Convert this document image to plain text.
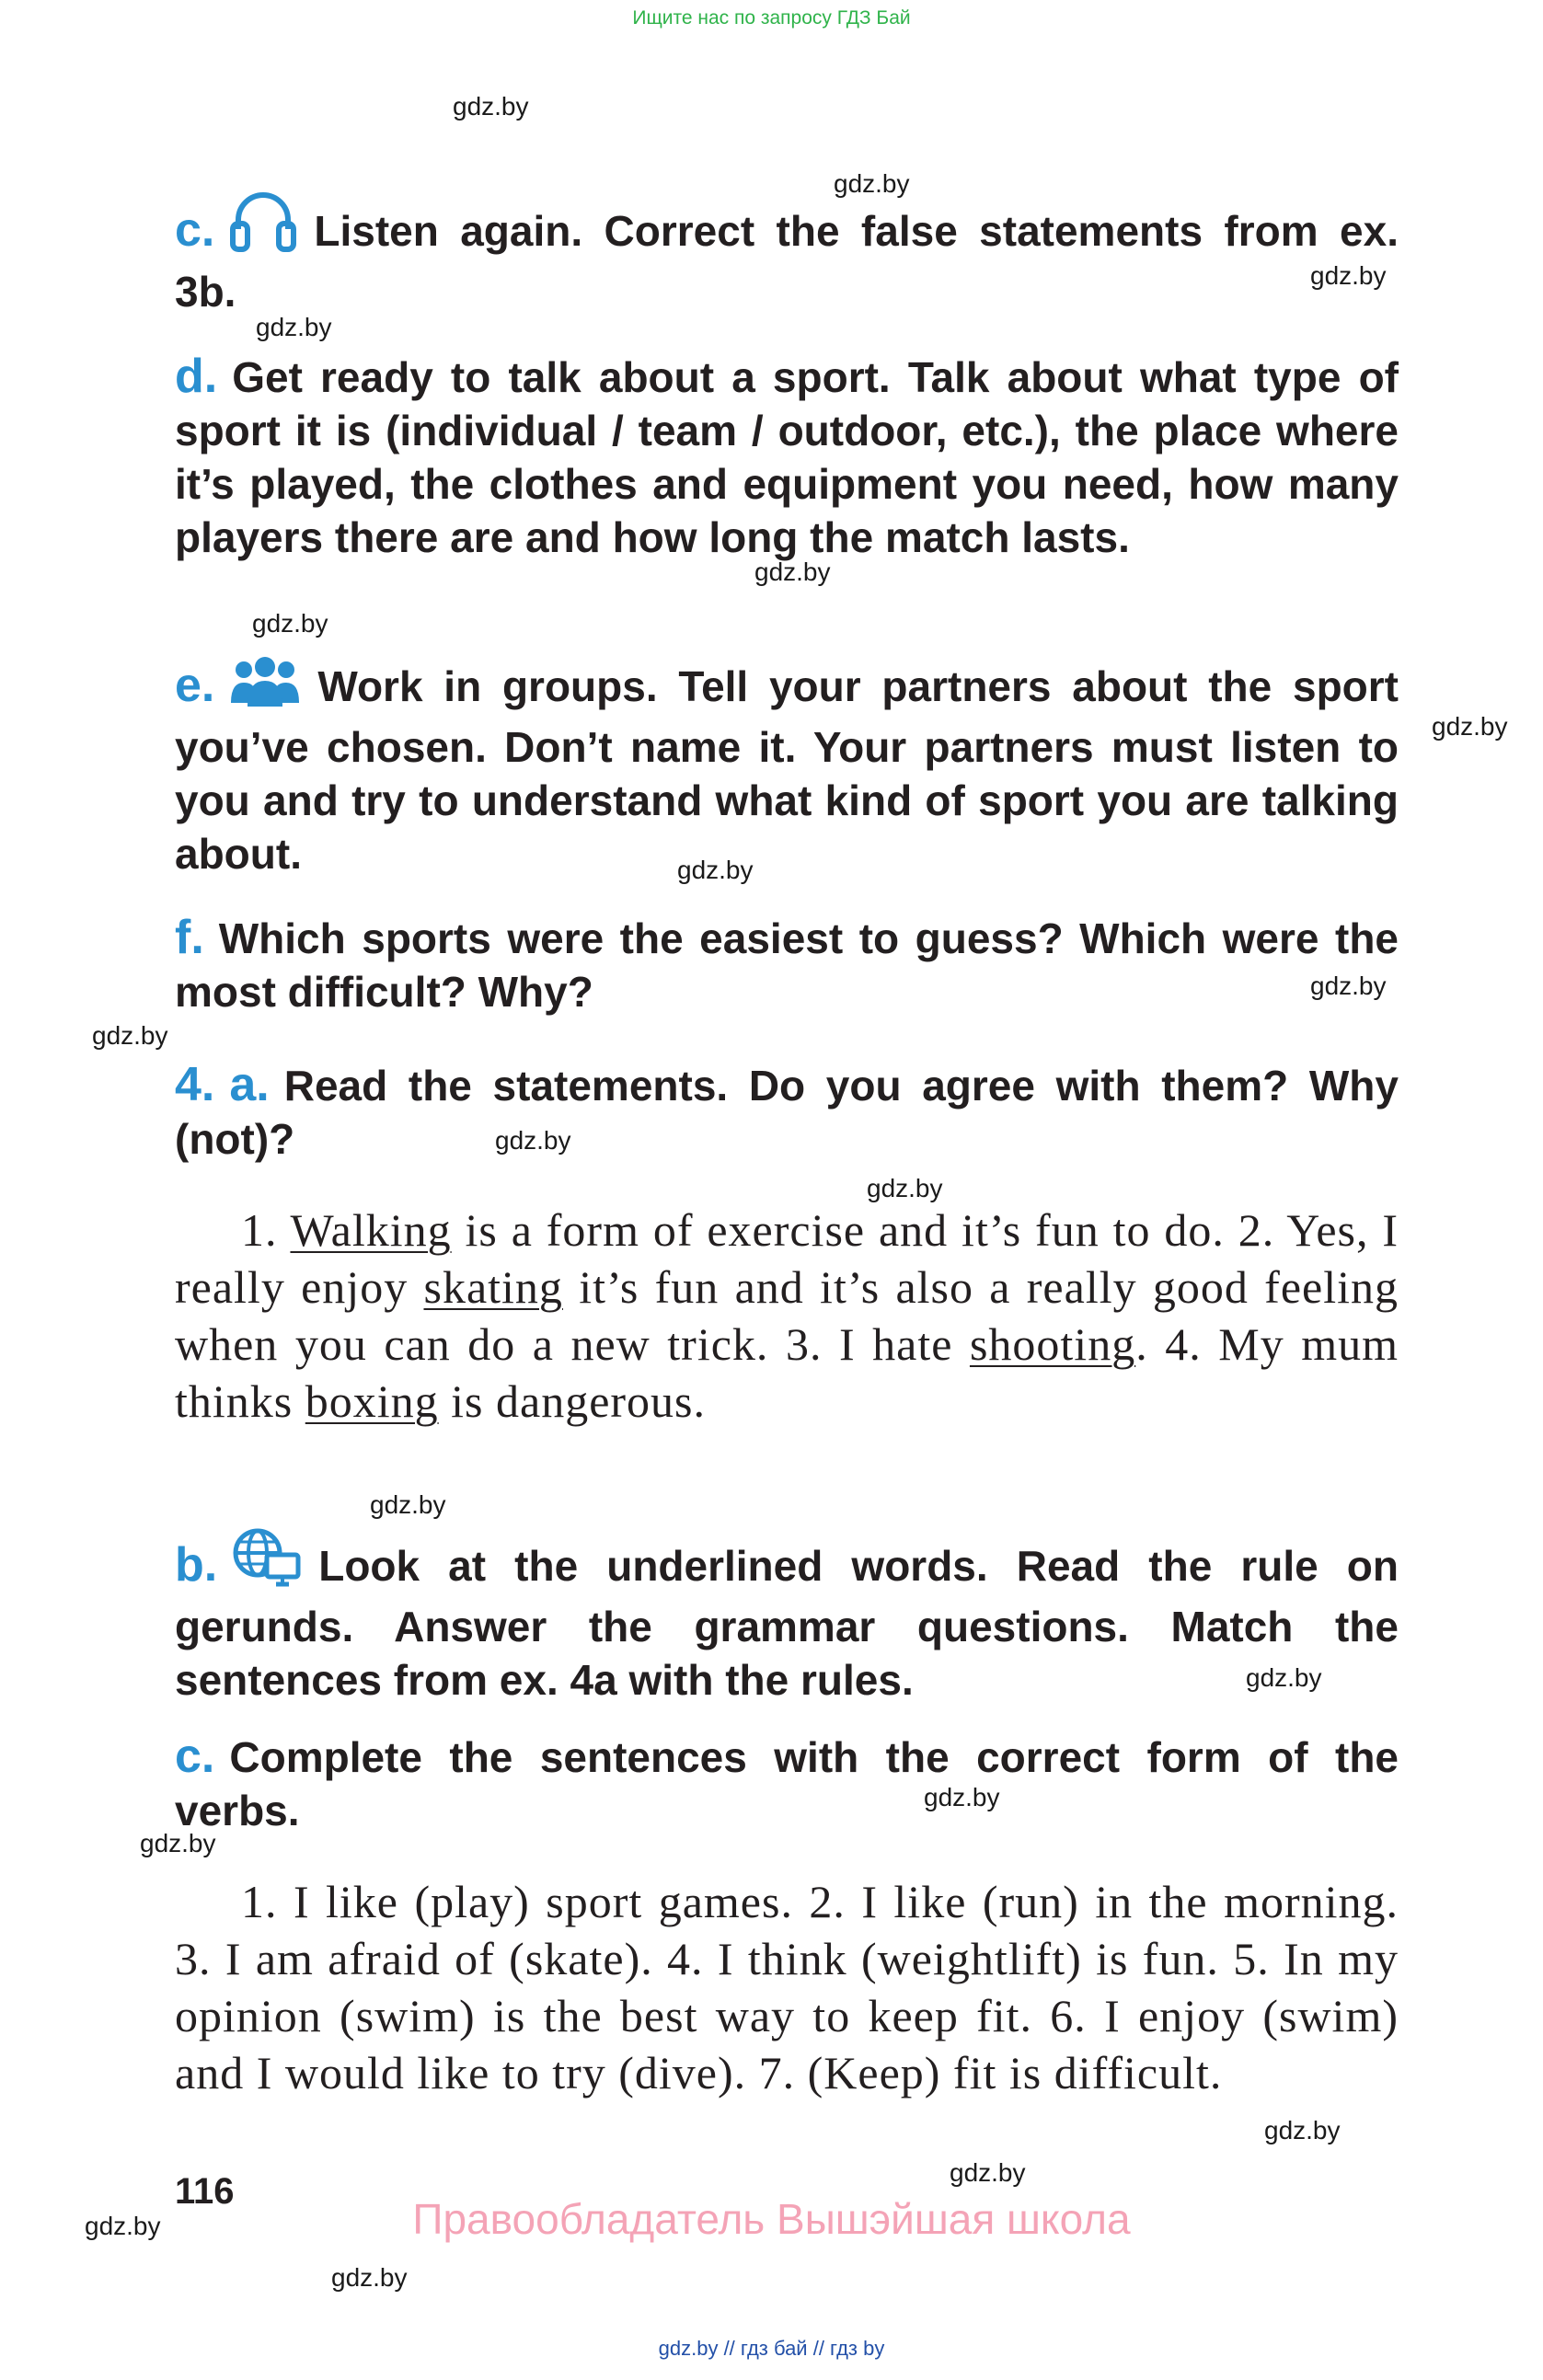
Ищите нас по запросу ГДЗ Бай
gdz.by
gdz.by
gdz.by
gdz.by
gdz.by
gdz.by
gdz.by
gdz.by
gdz.by
gdz.by
gdz.by
gdz.by
gdz.by
gdz.by
gdz.by
gdz.by
gdz.by
gdz.by
gdz.by
gdz.by

c. Listen again. Correct the false statements from ex. 3b.

d. Get ready to talk about a sport. Talk about what type of sport it is (individual / team / outdoor, etc.), the place where it’s played, the clothes and equipment you need, how many players there are and how long the match lasts.

e. Work in groups. Tell your partners about the sport you’ve chosen. Don’t name it. Your partners must listen to you and try to understand what kind of sport you are talking about.

f. Which sports were the easiest to guess? Which were the most difficult? Why?

4. a. Read the statements. Do you agree with them? Why (not)?

1. Walking is a form of exercise and it’s fun to do. 2. Yes, I really enjoy skating it’s fun and it’s also a really good feeling when you can do a new trick. 3. I hate shooting. 4. My mum thinks boxing is dangerous.

b. Look at the underlined words. Read the rule on gerunds. Answer the grammar questions. Match the sentences from ex. 4a with the rules.

c. Complete the sentences with the correct form of the verbs.

1. I like (play) sport games. 2. I like (run) in the morning. 3. I am afraid of (skate). 4. I think (weightlift) is fun. 5. In my opinion (swim) is the best way to keep fit. 6. I enjoy (swim) and I would like to try (dive). 7. (Keep) fit is difficult.

116
Правообладатель Вышэйшая школа
gdz.by // гдз бай // гдз by
